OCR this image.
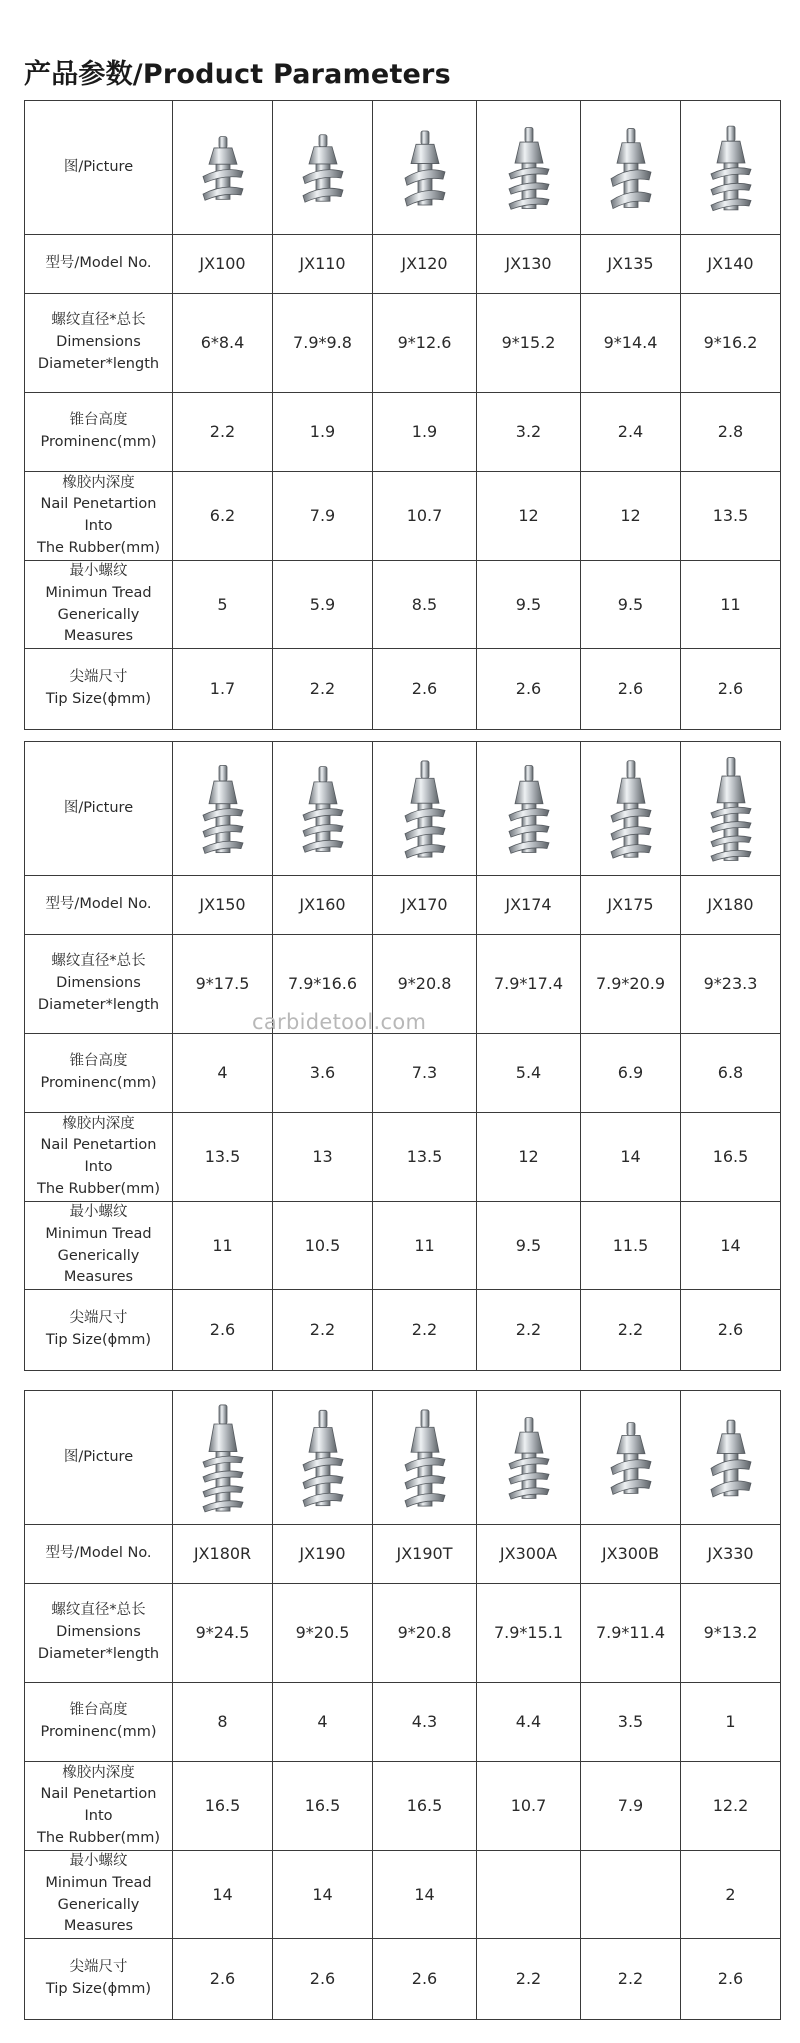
产品参数/Product Parameters
图/Picture

型号/Model No.	JX100	JX110	JX120	JX130	JX135	JX140

螺纹直径*总长
Dimensions
Diameter*length	6*8.4	7.9*9.8	9*12.6	9*15.2	9*14.4	9*16.2

锥台高度
Prominenc(mm)	2.2	1.9	1.9	3.2	2.4	2.8

橡胶内深度
Nail Penetartion Into
The Rubber(mm)	6.2	7.9	10.7	12	12	13.5

最小螺纹
Minimun Tread
Generically Measures	5	5.9	8.5	9.5	9.5	11

尖端尺寸
Tip Size(ϕmm)	1.7	2.2	2.6	2.6	2.6	2.6
图/Picture

型号/Model No.	JX150	JX160	JX170	JX174	JX175	JX180

螺纹直径*总长
Dimensions
Diameter*length	9*17.5	7.9*16.6	9*20.8	7.9*17.4	7.9*20.9	9*23.3

锥台高度
Prominenc(mm)	4	3.6	7.3	5.4	6.9	6.8

橡胶内深度
Nail Penetartion Into
The Rubber(mm)	13.5	13	13.5	12	14	16.5

最小螺纹
Minimun Tread
Generically Measures	11	10.5	11	9.5	11.5	14

尖端尺寸
Tip Size(ϕmm)	2.6	2.2	2.2	2.2	2.2	2.6
图/Picture

型号/Model No.	JX180R	JX190	JX190T	JX300A	JX300B	JX330

螺纹直径*总长
Dimensions
Diameter*length	9*24.5	9*20.5	9*20.8	7.9*15.1	7.9*11.4	9*13.2

锥台高度
Prominenc(mm)	8	4	4.3	4.4	3.5	1

橡胶内深度
Nail Penetartion Into
The Rubber(mm)	16.5	16.5	16.5	10.7	7.9	12.2

最小螺纹
Minimun Tread
Generically Measures	14	14	14			2

尖端尺寸
Tip Size(ϕmm)	2.6	2.6	2.6	2.2	2.2	2.6
carbidetool.com
